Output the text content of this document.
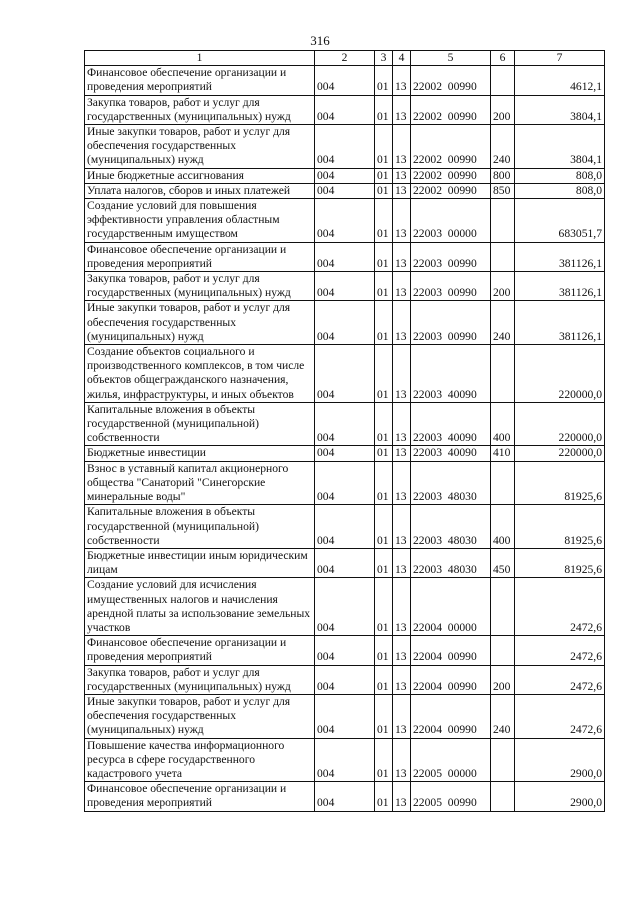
316
1	2	3	4	5	6	7
Финансовое обеспечение организации и проведения мероприятий	004	01	13	22002  00990		4612,1
Закупка товаров, работ и услуг для государственных (муниципальных) нужд	004	01	13	22002  00990	200	3804,1
Иные закупки товаров, работ и услуг для обеспечения государственных (муниципальных) нужд	004	01	13	22002  00990	240	3804,1
Иные бюджетные ассигнования	004	01	13	22002  00990	800	808,0
Уплата налогов, сборов и иных платежей	004	01	13	22002  00990	850	808,0
Создание условий для повышения эффективности управления областным государственным имуществом	004	01	13	22003  00000		683051,7
Финансовое обеспечение организации и проведения мероприятий	004	01	13	22003  00990		381126,1
Закупка товаров, работ и услуг для государственных (муниципальных) нужд	004	01	13	22003  00990	200	381126,1
Иные закупки товаров, работ и услуг для обеспечения государственных (муниципальных) нужд	004	01	13	22003  00990	240	381126,1
Создание объектов социального и производственного комплексов, в том числе объектов общегражданского назначения, жилья, инфраструктуры, и иных объектов	004	01	13	22003  40090		220000,0
Капитальные вложения в объекты государственной (муниципальной) собственности	004	01	13	22003  40090	400	220000,0
Бюджетные инвестиции	004	01	13	22003  40090	410	220000,0
Взнос в уставный капитал акционерного общества "Санаторий "Синегорские минеральные воды"	004	01	13	22003  48030		81925,6
Капитальные вложения в объекты государственной (муниципальной) собственности	004	01	13	22003  48030	400	81925,6
Бюджетные инвестиции иным юридическим лицам	004	01	13	22003  48030	450	81925,6
Создание условий для исчисления имущественных налогов и начисления арендной платы за использование земельных участков	004	01	13	22004  00000		2472,6
Финансовое обеспечение организации и проведения мероприятий	004	01	13	22004  00990		2472,6
Закупка товаров, работ и услуг для государственных (муниципальных) нужд	004	01	13	22004  00990	200	2472,6
Иные закупки товаров, работ и услуг для обеспечения государственных (муниципальных) нужд	004	01	13	22004  00990	240	2472,6
Повышение качества информационного ресурса в сфере государственного кадастрового учета	004	01	13	22005  00000		2900,0
Финансовое обеспечение организации и проведения мероприятий	004	01	13	22005  00990		2900,0
